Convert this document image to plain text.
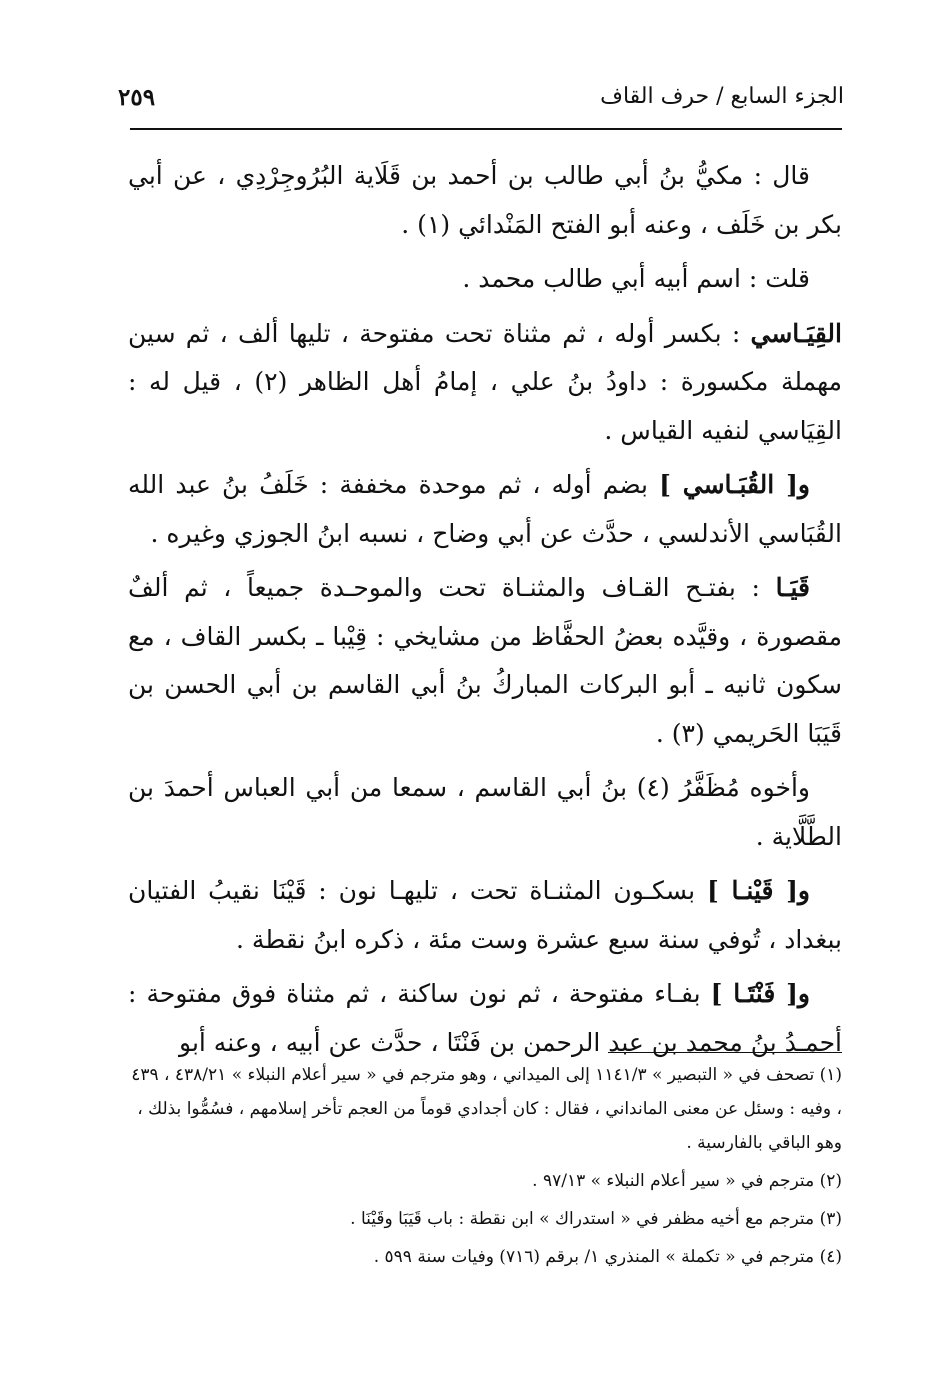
الجزء السابع / حرف القاف
٢٥٩

قال : مكيُّ بنُ أبي طالب بن أحمد بن قَلَاية البُرُوجِرْدِي ، عن أبي بكر بن خَلَف ، وعنه أبو الفتح المَنْدائي (١) .

قلت : اسم أبيه أبي طالب محمد .

القِيَـاسي : بكسر أوله ، ثم مثناة تحت مفتوحة ، تليها ألف ، ثم سين مهملة مكسورة : داودُ بنُ علي ، إمامُ أهل الظاهر (٢) ، قيل له : القِيَاسي لنفيه القياس .

و[ القُبَـاسي ] بضم أوله ، ثم موحدة مخففة : خَلَفُ بنُ عبد الله القُبَاسي الأندلسي ، حدَّث عن أبي وضاح ، نسبه ابنُ الجوزي وغيره .

قَيَـا : بفتـح القـاف والمثنـاة تحت والموحـدة جميعاً ، ثم ألفٌ مقصورة ، وقيَّده بعضُ الحفَّاظ من مشايخي : قِيْبا ـ بكسر القاف ، مع سكون ثانيه ـ أبو البركات المباركُ بنُ أبي القاسم بن أبي الحسن بن قَيَبَا الحَريمي (٣) .

وأخوه مُظَفَّرُ (٤) بنُ أبي القاسم ، سمعا من أبي العباس أحمدَ بن الطَّلَّاية .

و[ قَيْنـا ] بسكـون المثنـاة تحت ، تليهـا نون : قَيْنَا نقيبُ الفتيان ببغداد ، تُوفي سنة سبع عشرة وست مئة ، ذكره ابنُ نقطة .

و[ فَنْتَـا ] بفـاء مفتوحة ، ثم نون ساكنة ، ثم مثناة فوق مفتوحة : أحمـدُ بنُ محمد بن عبد الرحمن بن فَنْتَا ، حدَّث عن أبيه ، وعنه أبو

(١) تصحف في « التبصير » ١١٤١/٣ إلى الميداني ، وهو مترجم في « سير أعلام النبلاء » ٤٣٨/٢١ ، ٤٣٩ ، وفيه : وسئل عن معنى المانداني ، فقال : كان أجدادي قوماً من العجم تأخر إسلامهم ، فسُمُّوا بذلك ، وهو الباقي بالفارسية .

(٢) مترجم في « سير أعلام النبلاء » ٩٧/١٣ .

(٣) مترجم مع أخيه مظفر في « استدراك » ابن نقطة : باب قَيَبَا وقَيْنَا .

(٤) مترجم في « تكملة » المنذري ١/ برقم (٧١٦) وفيات سنة ٥٩٩ .
